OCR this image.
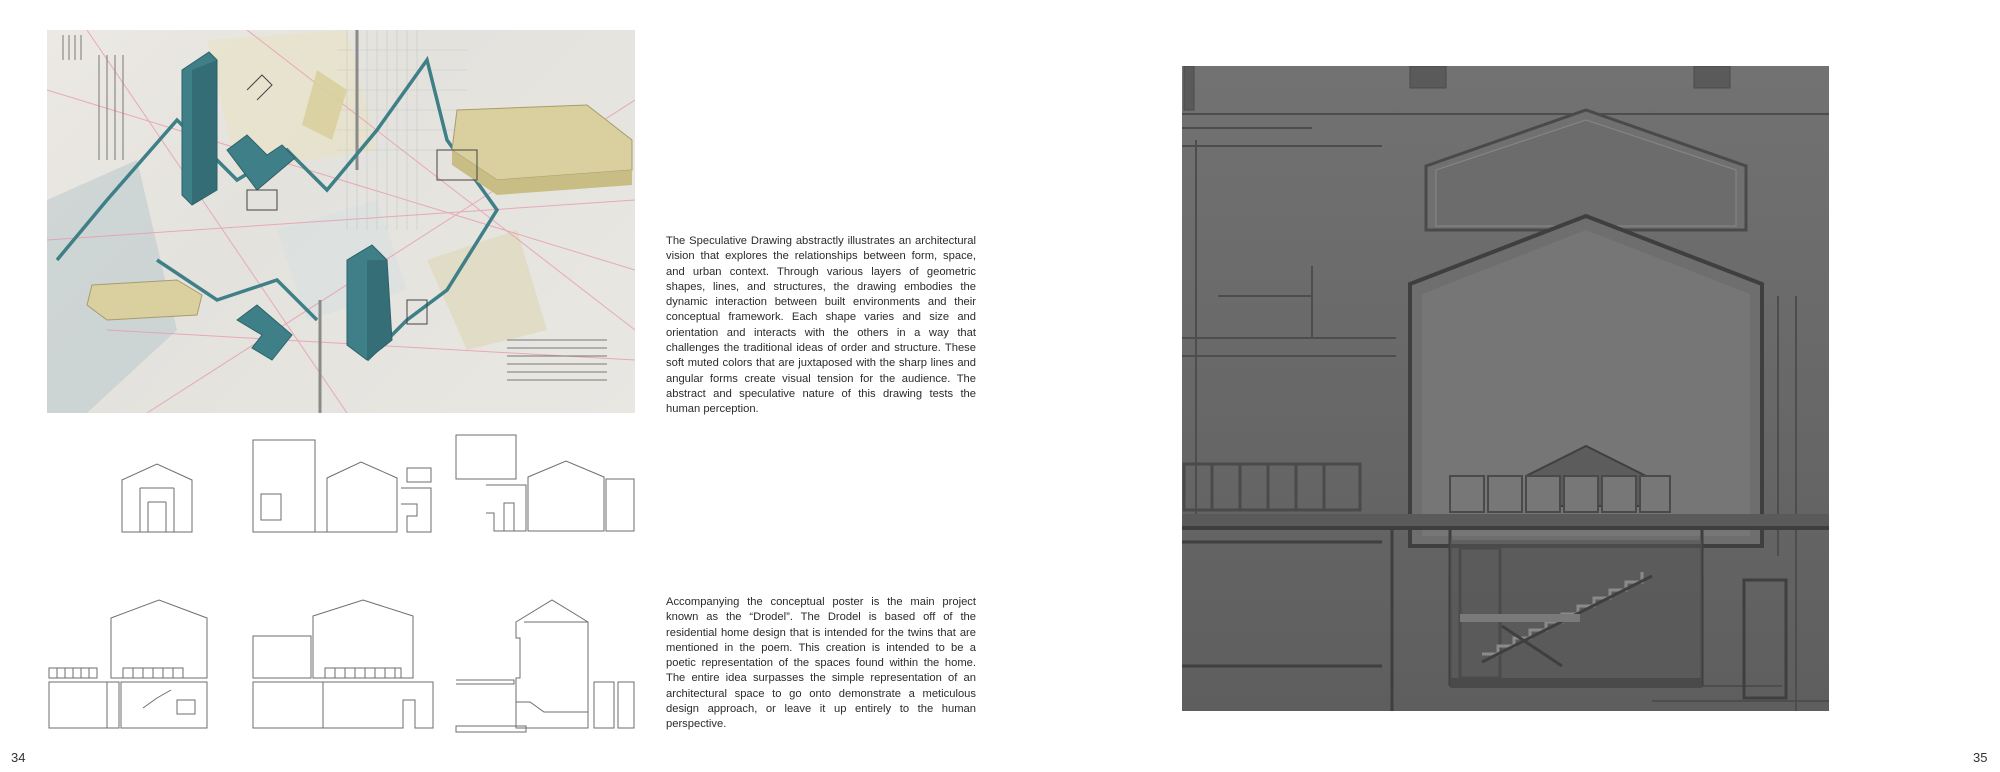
The Speculative Drawing abstractly illustrates an architectural vision that explores the relationships between form, space, and urban context. Through various layers of geometric shapes, lines, and structures, the drawing embodies the dynamic interaction between built environments and their conceptual framework. Each shape varies and size and orientation and interacts with the others in a way that challenges the traditional ideas of order and structure. These soft muted colors that are juxtaposed with the sharp lines and angular forms create visual tension for the audience. The abstract and speculative nature of this drawing tests the human perception.

Accompanying the conceptual poster is the main project known as the “Drodel”. The Drodel is based off of the residential home design that is intended for the twins that are mentioned in the poem. This creation is intended to be a poetic representation of the spaces found within the home. The entire idea surpasses the simple representation of an architectural space to go onto demonstrate a meticulous design approach, or leave it up entirely to the human perspective.

34	35
